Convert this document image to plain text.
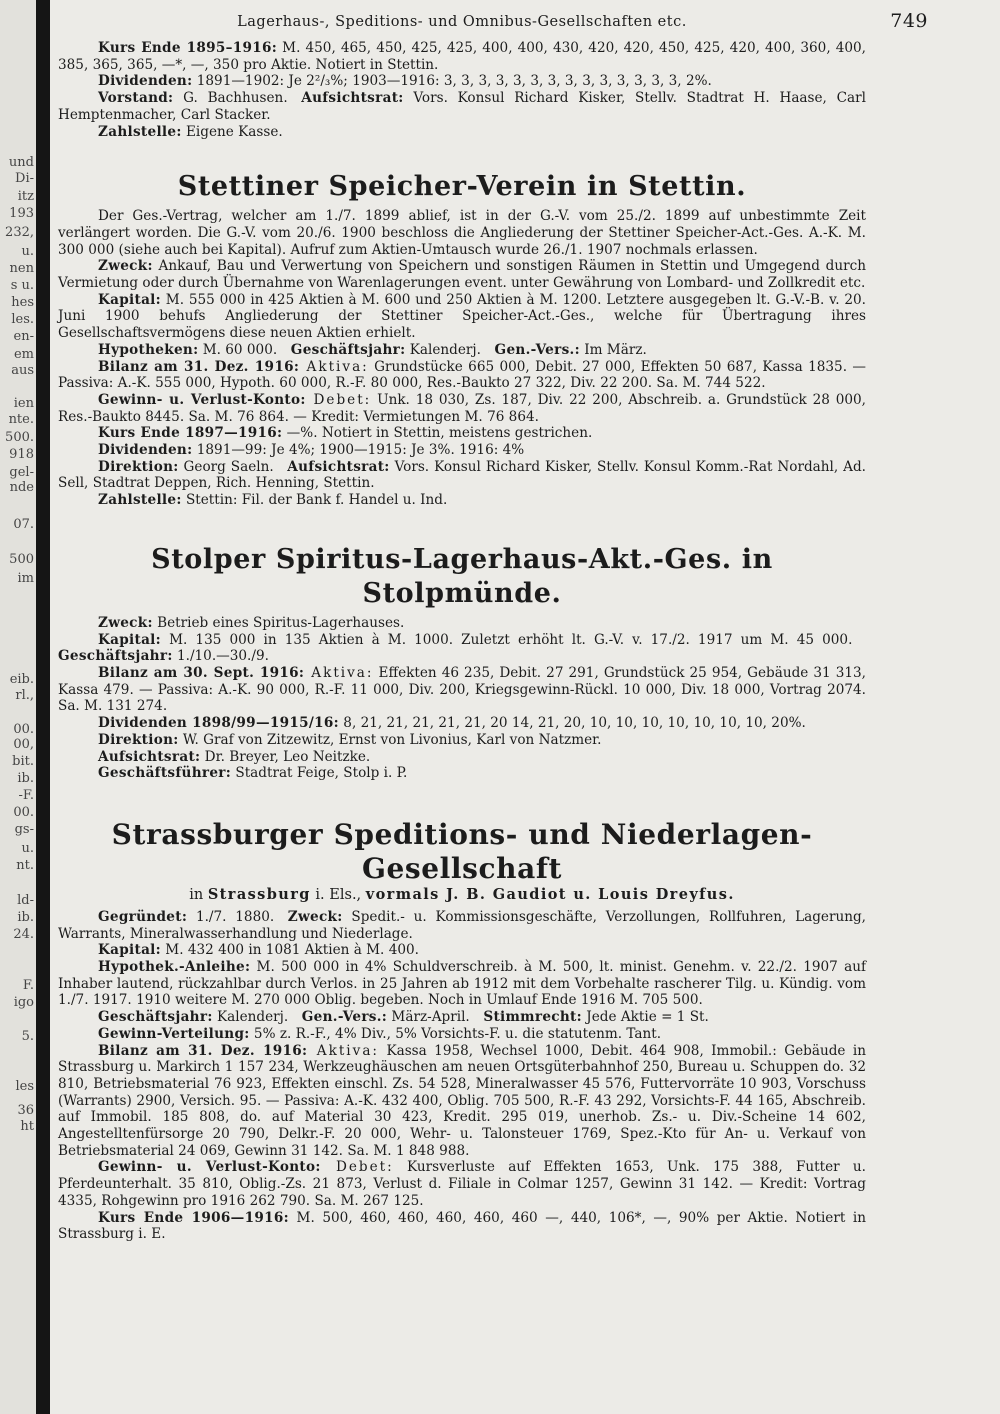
und
Di-
itz
193
232,
u.
nen
s u.
hes
les.
en-
em
aus
ien
nte.
500.
918
gel-
nde
07.
500
im
eib.
rl.,
00.
00,
bit.
ib.
-F.
00.
gs-
u.
nt.
ld-
ib.
24.
F.
igo
5.
les
36
ht
Lagerhaus-, Speditions- und Omnibus-Gesellschaften etc.	749

Kurs Ende 1895–1916: M. 450, 465, 450, 425, 425, 400, 400, 430, 420, 420, 450, 425, 420, 400, 360, 400, 385, 365, 365, —*, —, 350 pro Aktie. Notiert in Stettin.

Dividenden: 1891—1902: Je 2²/₃%; 1903—1916: 3, 3, 3, 3, 3, 3, 3, 3, 3, 3, 3, 3, 3, 3, 2%.

Vorstand: G. Bachhusen.  Aufsichtsrat: Vors. Konsul Richard Kisker, Stellv. Stadtrat H. Haase, Carl Hemptenmacher, Carl Stacker.

Zahlstelle: Eigene Kasse.

Stettiner Speicher-Verein in Stettin.

Der Ges.-Vertrag, welcher am 1./7. 1899 ablief, ist in der G.-V. vom 25./2. 1899 auf unbestimmte Zeit verlängert worden. Die G.-V. vom 20./6. 1900 beschloss die Angliederung der Stettiner Speicher-Act.-Ges. A.-K. M. 300 000 (siehe auch bei Kapital). Aufruf zum Aktien-Umtausch wurde 26./1. 1907 nochmals erlassen.

Zweck: Ankauf, Bau und Verwertung von Speichern und sonstigen Räumen in Stettin und Umgegend durch Vermietung oder durch Übernahme von Warenlagerungen event. unter Gewährung von Lombard- und Zollkredit etc.

Kapital: M. 555 000 in 425 Aktien à M. 600 und 250 Aktien à M. 1200. Letztere ausgegeben lt. G.-V.-B. v. 20. Juni 1900 behufs Angliederung der Stettiner Speicher-Act.-Ges., welche für Übertragung ihres Gesellschaftsvermögens diese neuen Aktien erhielt.

Hypotheken: M. 60 000.  Geschäftsjahr: Kalenderj.  Gen.-Vers.: Im März.

Bilanz am 31. Dez. 1916: Aktiva: Grundstücke 665 000, Debit. 27 000, Effekten 50 687, Kassa 1835. — Passiva: A.-K. 555 000, Hypoth. 60 000, R.-F. 80 000, Res.-Baukto 27 322, Div. 22 200. Sa. M. 744 522.

Gewinn- u. Verlust-Konto: Debet: Unk. 18 030, Zs. 187, Div. 22 200, Abschreib. a. Grundstück 28 000, Res.-Baukto 8445. Sa. M. 76 864. — Kredit: Vermietungen M. 76 864.

Kurs Ende 1897—1916: —%. Notiert in Stettin, meistens gestrichen.

Dividenden: 1891—99: Je 4%; 1900—1915: Je 3%. 1916: 4%

Direktion: Georg Saeln.  Aufsichtsrat: Vors. Konsul Richard Kisker, Stellv. Konsul Komm.-Rat Nordahl, Ad. Sell, Stadtrat Deppen, Rich. Henning, Stettin.

Zahlstelle: Stettin: Fil. der Bank f. Handel u. Ind.

Stolper Spiritus-Lagerhaus-Akt.-Ges. in Stolpmünde.

Zweck: Betrieb eines Spiritus-Lagerhauses.

Kapital: M. 135 000 in 135 Aktien à M. 1000. Zuletzt erhöht lt. G.-V. v. 17./2. 1917 um M. 45 000. Geschäftsjahr: 1./10.—30./9.

Bilanz am 30. Sept. 1916: Aktiva: Effekten 46 235, Debit. 27 291, Grundstück 25 954, Gebäude 31 313, Kassa 479. — Passiva: A.-K. 90 000, R.-F. 11 000, Div. 200, Kriegsgewinn-Rückl. 10 000, Div. 18 000, Vortrag 2074. Sa. M. 131 274.

Dividenden 1898/99—1915/16: 8, 21, 21, 21, 21, 21, 20 14, 21, 20, 10, 10, 10, 10, 10, 10, 10, 20%.

Direktion: W. Graf von Zitzewitz, Ernst von Livonius, Karl von Natzmer.

Aufsichtsrat: Dr. Breyer, Leo Neitzke.

Geschäftsführer: Stadtrat Feige, Stolp i. P.

Strassburger Speditions- und Niederlagen-Gesellschaft
in Strassburg i. Els., vormals J. B. Gaudiot u. Louis Dreyfus.

Gegründet: 1./7. 1880.  Zweck: Spedit.- u. Kommissionsgeschäfte, Verzollungen, Rollfuhren, Lagerung, Warrants, Mineralwasserhandlung und Niederlage.

Kapital: M. 432 400 in 1081 Aktien à M. 400.

Hypothek.-Anleihe: M. 500 000 in 4% Schuldverschreib. à M. 500, lt. minist. Genehm. v. 22./2. 1907 auf Inhaber lautend, rückzahlbar durch Verlos. in 25 Jahren ab 1912 mit dem Vorbehalte rascherer Tilg. u. Kündig. vom 1./7. 1917. 1910 weitere M. 270 000 Oblig. begeben. Noch in Umlauf Ende 1916 M. 705 500.

Geschäftsjahr: Kalenderj.  Gen.-Vers.: März-April.  Stimmrecht: Jede Aktie = 1 St.

Gewinn-Verteilung: 5% z. R.-F., 4% Div., 5% Vorsichts-F. u. die statutenm. Tant.

Bilanz am 31. Dez. 1916: Aktiva: Kassa 1958, Wechsel 1000, Debit. 464 908, Immobil.: Gebäude in Strassburg u. Markirch 1 157 234, Werkzeughäuschen am neuen Ortsgüterbahnhof 250, Bureau u. Schuppen do. 32 810, Betriebsmaterial 76 923, Effekten einschl. Zs. 54 528, Mineralwasser 45 576, Futtervorräte 10 903, Vorschuss (Warrants) 2900, Versich. 95. — Passiva: A.-K. 432 400, Oblig. 705 500, R.-F. 43 292, Vorsichts-F. 44 165, Abschreib. auf Immobil. 185 808, do. auf Material 30 423, Kredit. 295 019, unerhob. Zs.- u. Div.-Scheine 14 602, Angestelltenfürsorge 20 790, Delkr.-F. 20 000, Wehr- u. Talonsteuer 1769, Spez.-Kto für An- u. Verkauf von Betriebsmaterial 24 069, Gewinn 31 142. Sa. M. 1 848 988.

Gewinn- u. Verlust-Konto: Debet: Kursverluste auf Effekten 1653, Unk. 175 388, Futter u. Pferdeunterhalt. 35 810, Oblig.-Zs. 21 873, Verlust d. Filiale in Colmar 1257, Gewinn 31 142. — Kredit: Vortrag 4335, Rohgewinn pro 1916 262 790. Sa. M. 267 125.

Kurs Ende 1906—1916: M. 500, 460, 460, 460, 460, 460 —, 440, 106*, —, 90% per Aktie. Notiert in Strassburg i. E.
